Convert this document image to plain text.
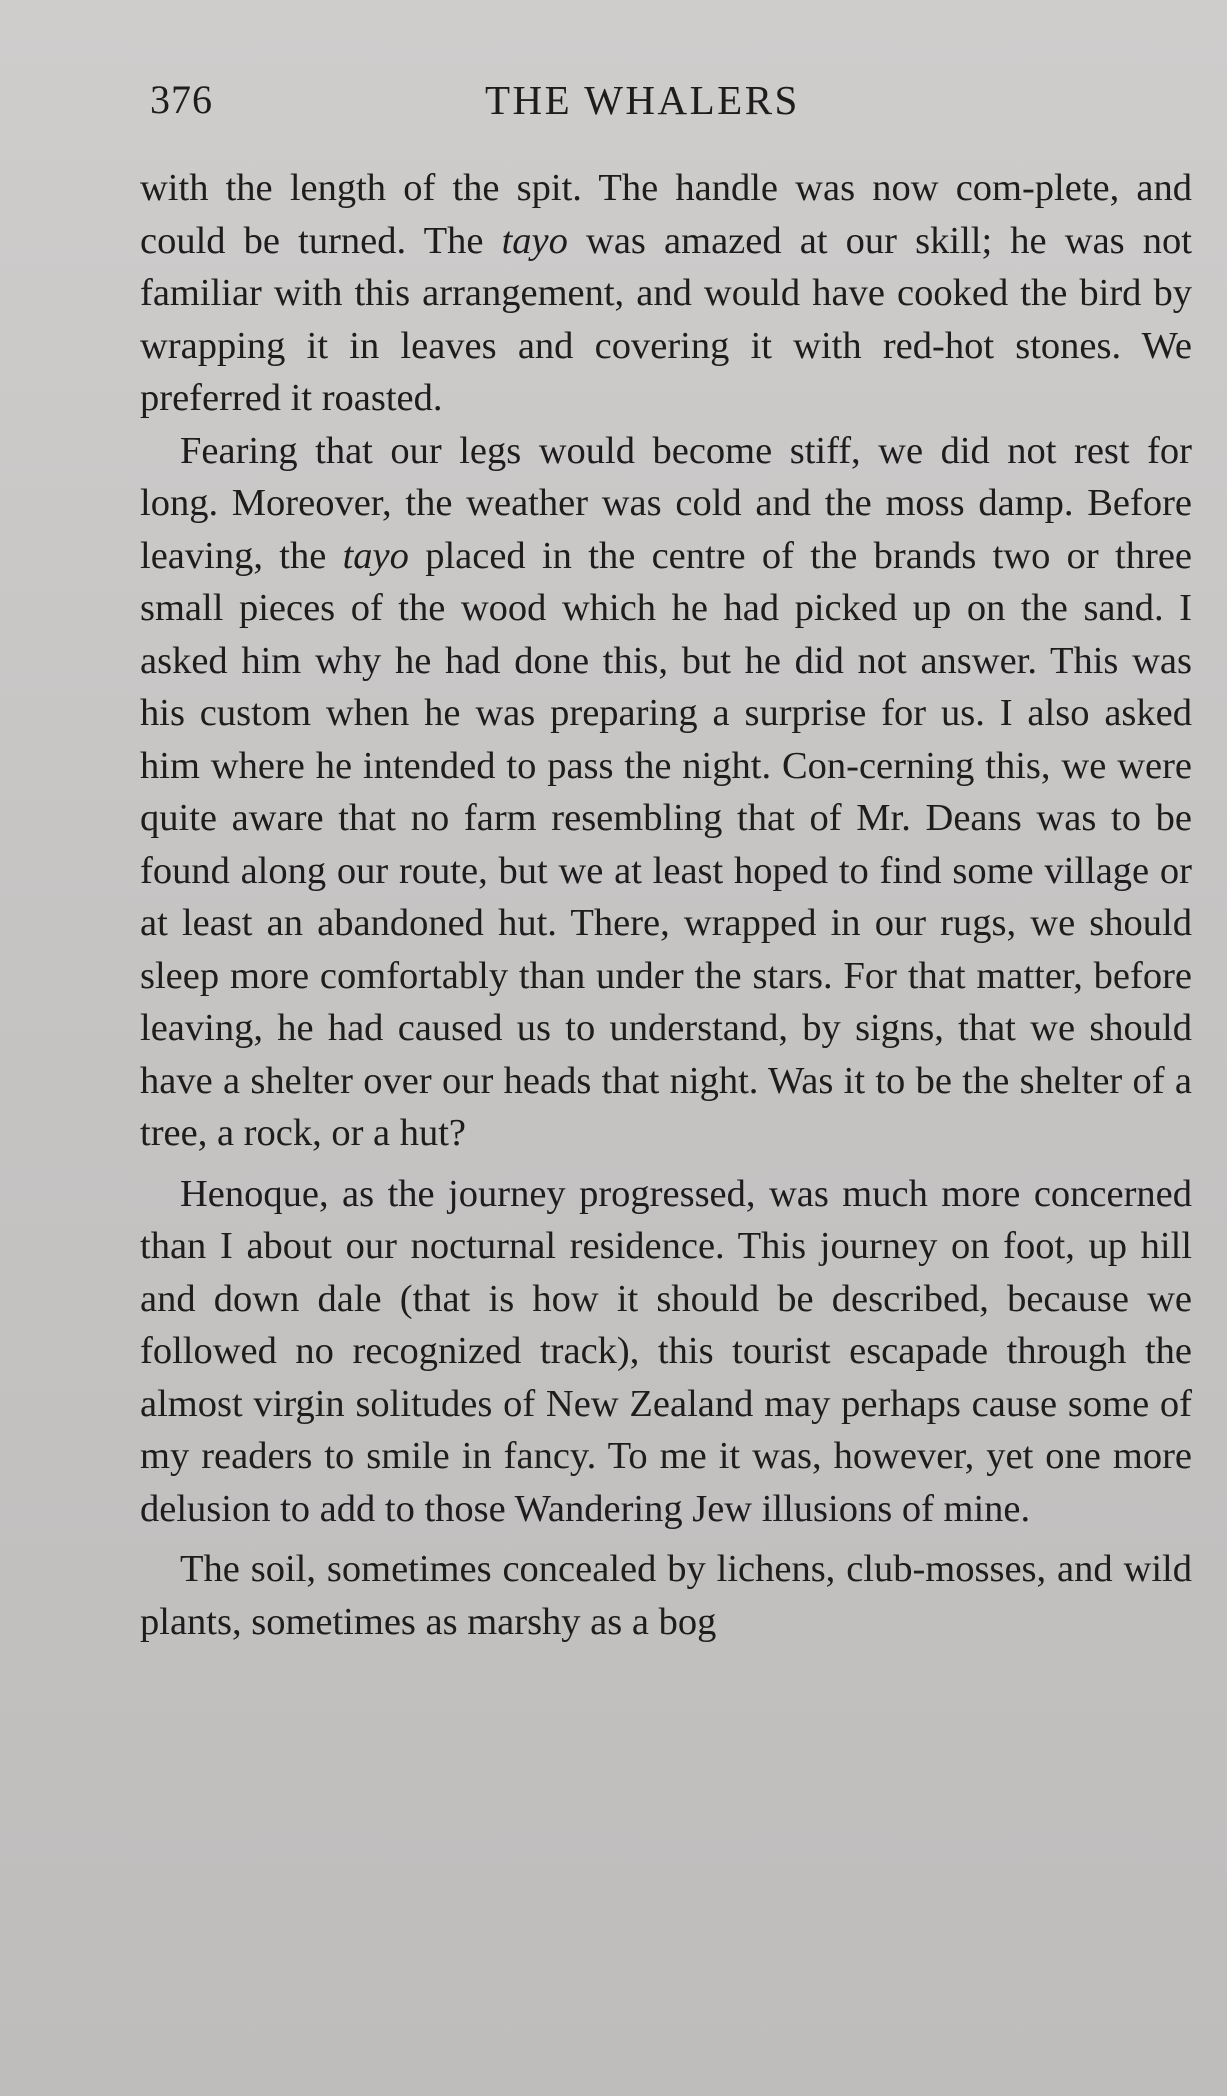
376	THE WHALERS

with the length of the spit. The handle was now com-plete, and could be turned. The tayo was amazed at our skill; he was not familiar with this arrangement, and would have cooked the bird by wrapping it in leaves and covering it with red-hot stones. We preferred it roasted.

Fearing that our legs would become stiff, we did not rest for long. Moreover, the weather was cold and the moss damp. Before leaving, the tayo placed in the centre of the brands two or three small pieces of the wood which he had picked up on the sand. I asked him why he had done this, but he did not answer. This was his custom when he was preparing a surprise for us. I also asked him where he intended to pass the night. Con-cerning this, we were quite aware that no farm resembling that of Mr. Deans was to be found along our route, but we at least hoped to find some village or at least an abandoned hut. There, wrapped in our rugs, we should sleep more comfortably than under the stars. For that matter, before leaving, he had caused us to understand, by signs, that we should have a shelter over our heads that night. Was it to be the shelter of a tree, a rock, or a hut?

Henoque, as the journey progressed, was much more concerned than I about our nocturnal residence. This journey on foot, up hill and down dale (that is how it should be described, because we followed no recognized track), this tourist escapade through the almost virgin solitudes of New Zealand may perhaps cause some of my readers to smile in fancy. To me it was, however, yet one more delusion to add to those Wandering Jew illusions of mine.

The soil, sometimes concealed by lichens, club-mosses, and wild plants, sometimes as marshy as a bog
